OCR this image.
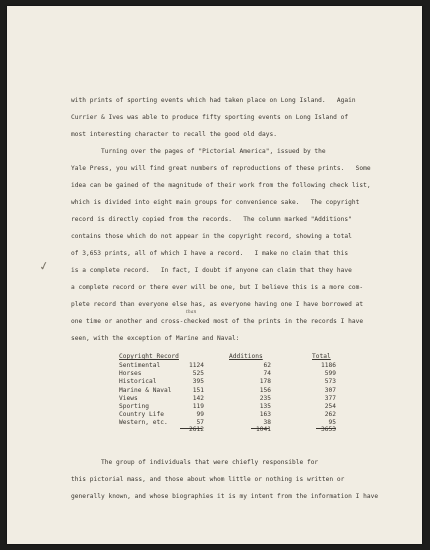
with prints of sporting events which had taken place on Long Island.   Again
Currier & Ives was able to produce fifty sporting events on Long Island of
most interesting character to recall the good old days.
Turning over the pages of "Pictorial America", issued by the
Yale Press, you will find great numbers of reproductions of these prints.   Some
idea can be gained of the magnitude of their work from the following check list,
which is divided into eight main groups for convenience sake.   The copyright
record is directly copied from the records.   The column marked "Additions"
contains those which do not appear in the copyright record, showing a total
of 3,653 prints, all of which I have a record.   I make no claim that this
is a complete record.   In fact, I doubt if anyone can claim that they have
a complete record or there ever will be one, but I believe this is a more com-
plete record than everyone else has, as everyone having one I have borrowed at
one time or another and cross-checked most of the prints in the records I have
seen, with the exception of Marine and Naval:
than
✓
Copyright Record	Additions	Total
Sentimental	1124	62	1186
Horses	525	74	599
Historical	395	178	573
Marine & Naval	151	156	307
Views	142	235	377
Sporting	119	135	254
Country Life	99	163	262
Western, etc.	57	38	95
2612	1041	3653
The group of individuals that were chiefly responsible for
this pictorial mass, and those about whom little or nothing is written or
generally known, and whose biographies it is my intent from the information I have
